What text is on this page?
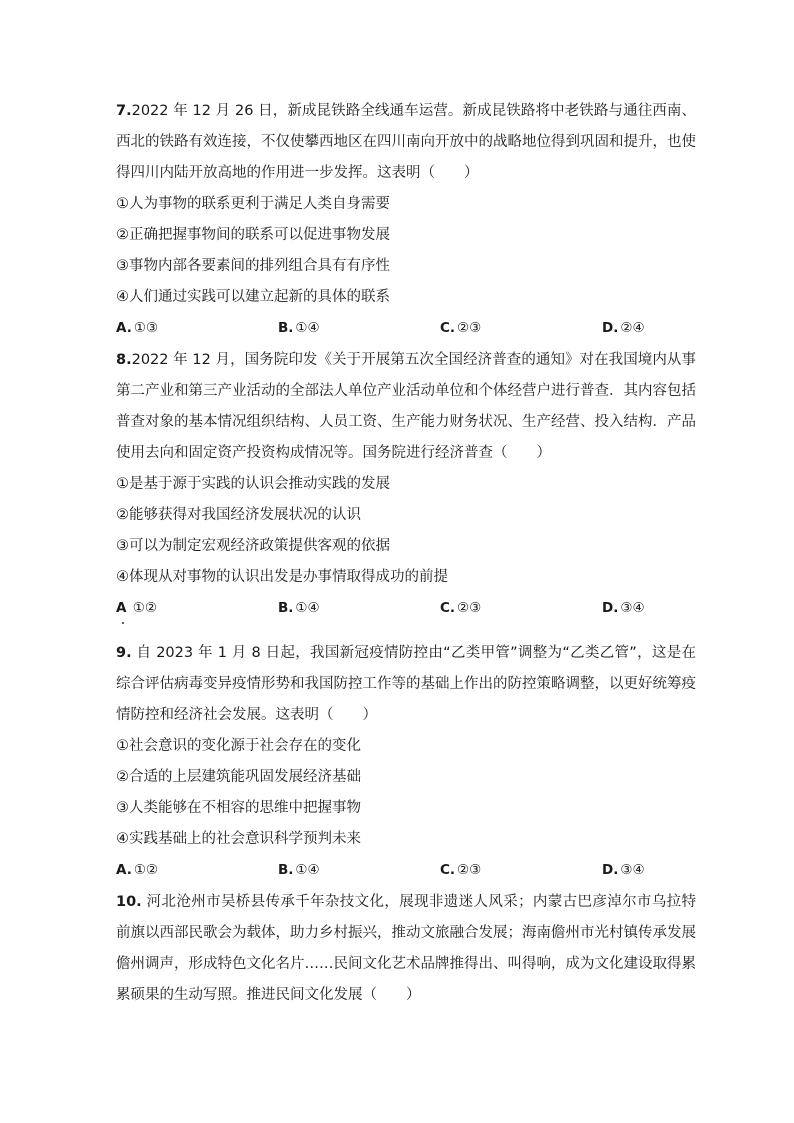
7.2022 年 12 月 26 日，新成昆铁路全线通车运营。新成昆铁路将中老铁路与通往西南、西北的铁路有效连接，不仅使攀西地区在四川南向开放中的战略地位得到巩固和提升，也使得四川内陆开放高地的作用进一步发挥。这表明（　　）

①人为事物的联系更利于满足人类自身需要

②正确把握事物间的联系可以促进事物发展

③事物内部各要素间的排列组合具有有序性

④人们通过实践可以建立起新的具体的联系

A. ①③	B. ①④	C. ②③	D. ②④

8.2022 年 12 月，国务院印发《关于开展第五次全国经济普查的通知》对在我国境内从事第二产业和第三产业活动的全部法人单位产业活动单位和个体经营户进行普查．其内容包括普查对象的基本情况组织结构、人员工资、生产能力财务状况、生产经营、投入结构．产品使用去向和固定资产投资构成情况等。国务院进行经济普查（　　）

①是基于源于实践的认识会推动实践的发展

②能够获得对我国经济发展状况的认识

③可以为制定宏观经济政策提供客观的依据

④体现从对事物的认识出发是办事情取得成功的前提

A ①②	B. ①④	C. ②③	D. ③④

9. 自 2023 年 1 月 8 日起，我国新冠疫情防控由“乙类甲管”调整为“乙类乙管”，这是在综合评估病毒变异疫情形势和我国防控工作等的基础上作出的防控策略调整，以更好统筹疫情防控和经济社会发展。这表明（　　）

①社会意识的变化源于社会存在的变化

②合适的上层建筑能巩固发展经济基础

③人类能够在不相容的思维中把握事物

④实践基础上的社会意识科学预判未来

A. ①②	B. ①④	C. ②③	D. ③④

10. 河北沧州市吴桥县传承千年杂技文化，展现非遗迷人风采；内蒙古巴彦淖尔市乌拉特前旗以西部民歌会为载体，助力乡村振兴，推动文旅融合发展；海南儋州市光村镇传承发展儋州调声，形成特色文化名片……民间文化艺术品牌推得出、叫得响，成为文化建设取得累累硕果的生动写照。推进民间文化发展（　　）
